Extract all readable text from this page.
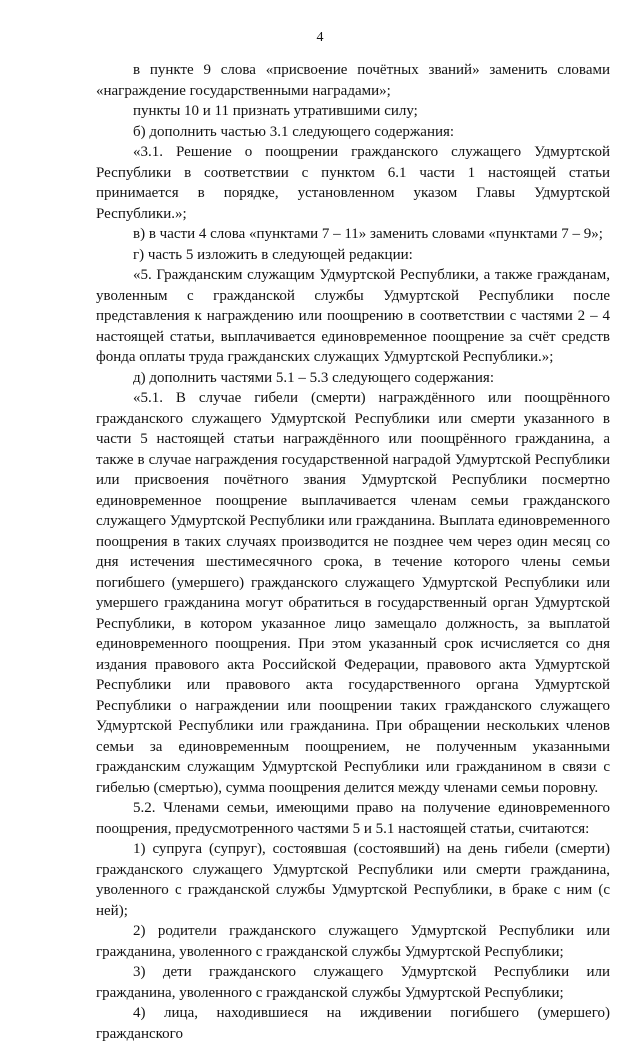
4

в пункте 9 слова «присвоение почётных званий» заменить словами «награждение государственными наградами»;

пункты 10 и 11 признать утратившими силу;

б) дополнить частью 3.1 следующего содержания:

«3.1. Решение о поощрении гражданского служащего Удмуртской Республики в соответствии с пунктом 6.1 части 1 настоящей статьи принимается в порядке, установленном указом Главы Удмуртской Республики.»;

в) в части 4 слова «пунктами 7 – 11» заменить словами «пунктами 7 – 9»;

г) часть 5 изложить в следующей редакции:

«5. Гражданским служащим Удмуртской Республики, а также гражданам, уволенным с гражданской службы Удмуртской Республики после представления к награждению или поощрению в соответствии с частями 2 – 4 настоящей статьи, выплачивается единовременное поощрение за счёт средств фонда оплаты труда гражданских служащих Удмуртской Республики.»;

д) дополнить частями 5.1 – 5.3 следующего содержания:

«5.1. В случае гибели (смерти) награждённого или поощрённого гражданского служащего Удмуртской Республики или смерти указанного в части 5 настоящей статьи награждённого или поощрённого гражданина, а также в случае награждения государственной наградой Удмуртской Республики или присвоения почётного звания Удмуртской Республики посмертно единовременное поощрение выплачивается членам семьи гражданского служащего Удмуртской Республики или гражданина. Выплата единовременного поощрения в таких случаях производится не позднее чем через один месяц со дня истечения шестимесячного срока, в течение которого члены семьи погибшего (умершего) гражданского служащего Удмуртской Республики или умершего гражданина могут обратиться в государственный орган Удмуртской Республики, в котором указанное лицо замещало должность, за выплатой единовременного поощрения. При этом указанный срок исчисляется со дня издания правового акта Российской Федерации, правового акта Удмуртской Республики или правового акта государственного органа Удмуртской Республики о награждении или поощрении таких гражданского служащего Удмуртской Республики или гражданина. При обращении нескольких членов семьи за единовременным поощрением, не полученным указанными гражданским служащим Удмуртской Республики или гражданином в связи с гибелью (смертью), сумма поощрения делится между членами семьи поровну.

5.2. Членами семьи, имеющими право на получение единовременного поощрения, предусмотренного частями 5 и 5.1 настоящей статьи, считаются:

1) супруга (супруг), состоявшая (состоявший) на день гибели (смерти) гражданского служащего Удмуртской Республики или смерти гражданина, уволенного с гражданской службы Удмуртской Республики, в браке с ним (с ней);

2) родители гражданского служащего Удмуртской Республики или гражданина, уволенного с гражданской службы Удмуртской Республики;

3) дети гражданского служащего Удмуртской Республики или гражданина, уволенного с гражданской службы Удмуртской Республики;

4) лица, находившиеся на иждивении погибшего (умершего) гражданского
